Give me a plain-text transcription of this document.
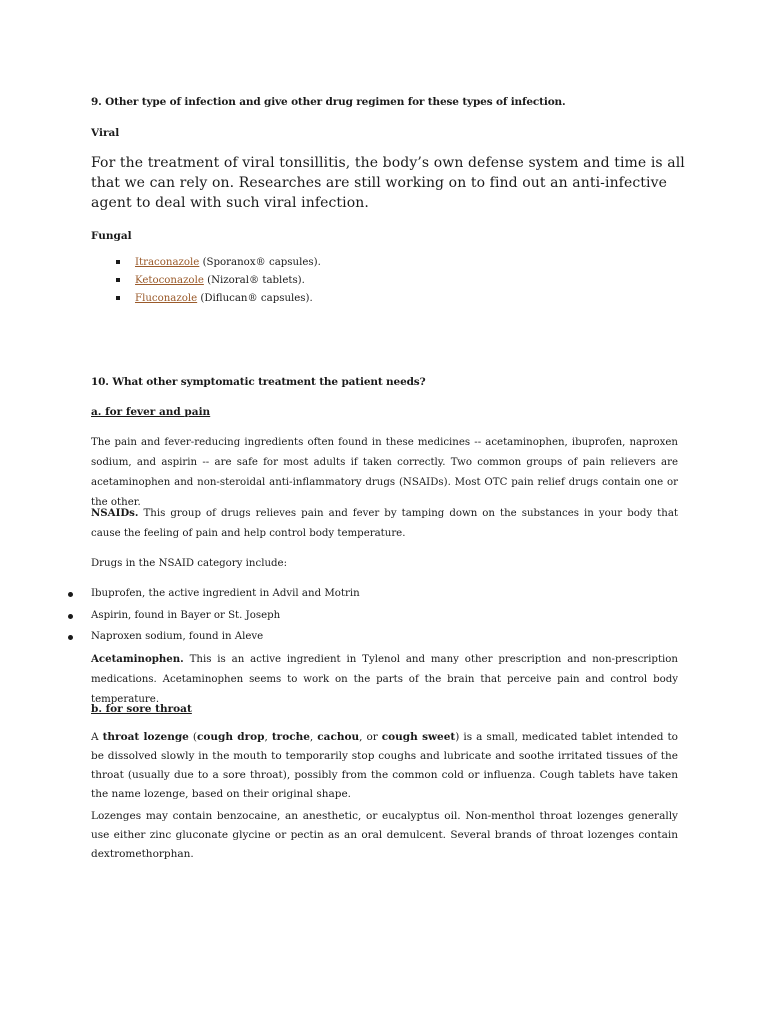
9. Other type of infection and give other drug regimen for these types of infection.

Viral

For the treatment of viral tonsillitis, the body’s own defense system and time is all that we can rely on. Researches are still working on to find out an anti-infective agent to deal with such viral infection.

Fungal

Itraconazole (Sporanox® capsules).

Ketoconazole (Nizoral® tablets).

Fluconazole (Diflucan® capsules).

10. What other symptomatic treatment the patient needs?

a. for fever and pain

The pain and fever-reducing ingredients often found in these medicines -- acetaminophen, ibuprofen, naproxen sodium, and aspirin -- are safe for most adults if taken correctly. Two common groups of pain relievers are acetaminophen and non-steroidal anti-inflammatory drugs (NSAIDs). Most OTC pain relief drugs contain one or the other.

NSAIDs. This group of drugs relieves pain and fever by tamping down on the substances in your body that cause the feeling of pain and help control body temperature.

Drugs in the NSAID category include:

Ibuprofen, the active ingredient in Advil and Motrin

Aspirin, found in Bayer or St. Joseph

Naproxen sodium, found in Aleve

Acetaminophen. This is an active ingredient in Tylenol and many other prescription and non-prescription medications. Acetaminophen seems to work on the parts of the brain that perceive pain and control body temperature.

b. for sore throat

A throat lozenge (cough drop, troche, cachou, or cough sweet) is a small, medicated tablet intended to be dissolved slowly in the mouth to temporarily stop coughs and lubricate and soothe irritated tissues of the throat (usually due to a sore throat), possibly from the common cold or influenza. Cough tablets have taken the name lozenge, based on their original shape.

Lozenges may contain benzocaine, an anesthetic, or eucalyptus oil. Non-menthol throat lozenges generally use either zinc gluconate glycine or pectin as an oral demulcent. Several brands of throat lozenges contain dextromethorphan.
